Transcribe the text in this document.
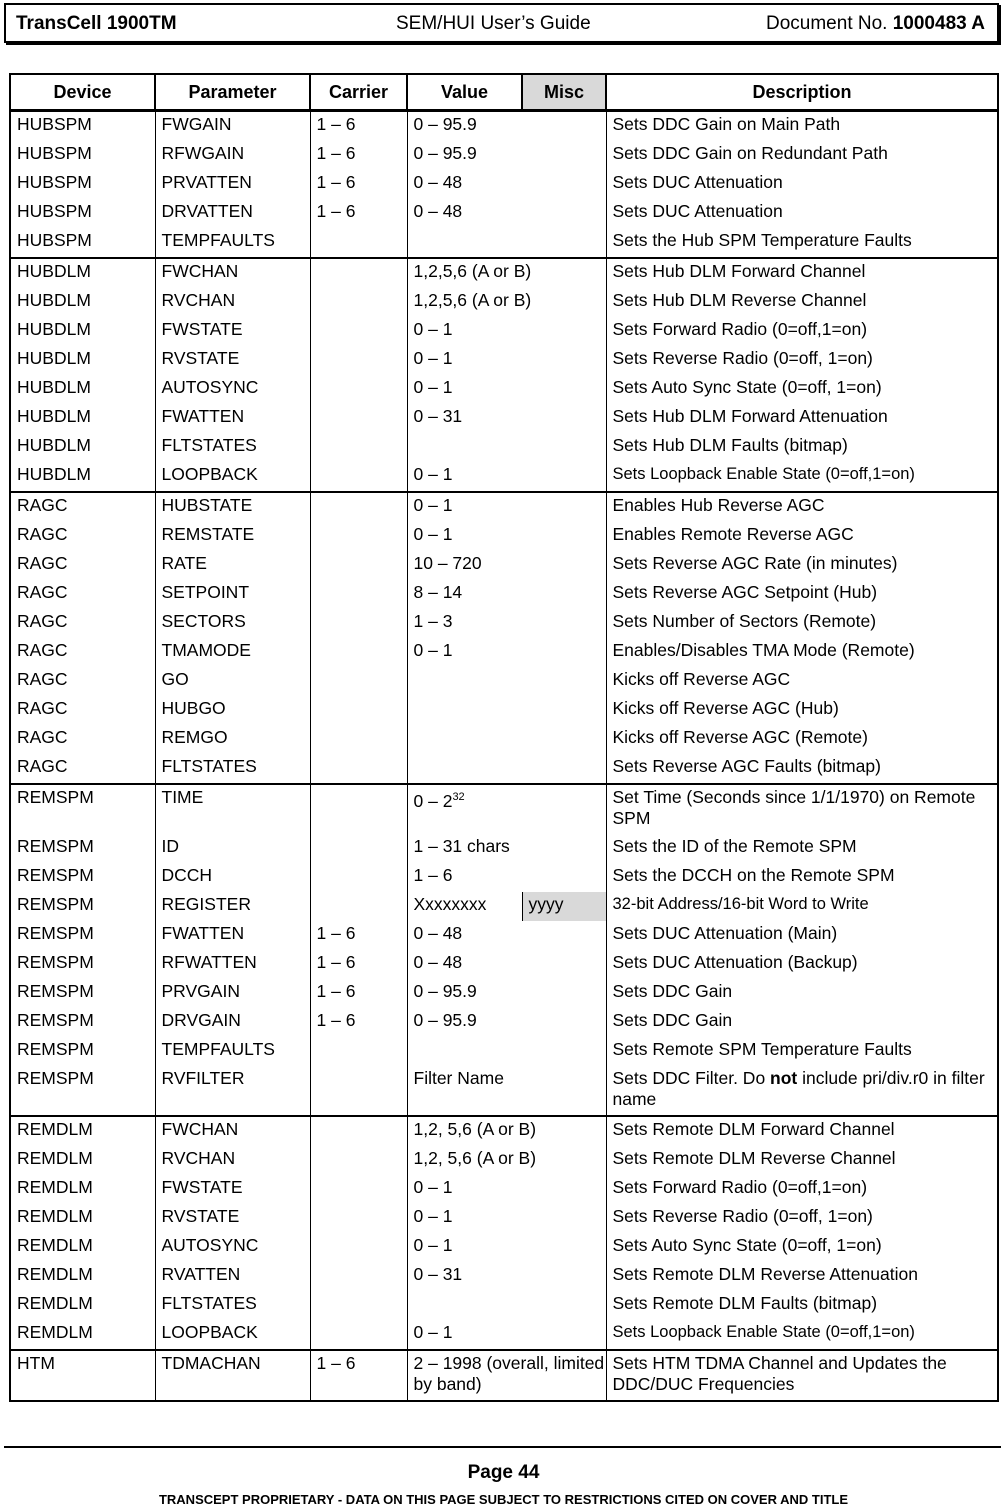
TransCell 1900TM	SEM/HUI User’s Guide	Document No. 1000483 A
Device	Parameter	Carrier	Value	Misc	Description
HUBSPM	FWGAIN	1 – 6	0 – 95.9		Sets DDC Gain on Main Path
HUBSPM	RFWGAIN	1 – 6	0 – 95.9		Sets DDC Gain on Redundant Path
HUBSPM	PRVATTEN	1 – 6	0 – 48		Sets DUC Attenuation
HUBSPM	DRVATTEN	1 – 6	0 – 48		Sets DUC Attenuation
HUBSPM	TEMPFAULTS				Sets the Hub SPM Temperature Faults
HUBDLM	FWCHAN		1,2,5,6 (A or B)		Sets Hub DLM Forward Channel
HUBDLM	RVCHAN		1,2,5,6 (A or B)		Sets Hub DLM Reverse Channel
HUBDLM	FWSTATE		0 – 1		Sets Forward Radio (0=off,1=on)
HUBDLM	RVSTATE		0 – 1		Sets Reverse Radio (0=off, 1=on)
HUBDLM	AUTOSYNC		0 – 1		Sets Auto Sync State (0=off, 1=on)
HUBDLM	FWATTEN		0 – 31		Sets Hub DLM Forward Attenuation
HUBDLM	FLTSTATES				Sets Hub DLM Faults (bitmap)
HUBDLM	LOOPBACK		0 – 1		Sets Loopback Enable State (0=off,1=on)
RAGC	HUBSTATE		0 – 1		Enables Hub Reverse AGC
RAGC	REMSTATE		0 – 1		Enables Remote Reverse AGC
RAGC	RATE		10 – 720		Sets Reverse AGC Rate (in minutes)
RAGC	SETPOINT		8 – 14		Sets Reverse AGC Setpoint (Hub)
RAGC	SECTORS		1 – 3		Sets Number of Sectors (Remote)
RAGC	TMAMODE		0 – 1		Enables/Disables TMA Mode (Remote)
RAGC	GO				Kicks off Reverse AGC
RAGC	HUBGO				Kicks off Reverse AGC (Hub)
RAGC	REMGO				Kicks off Reverse AGC (Remote)
RAGC	FLTSTATES				Sets Reverse AGC Faults (bitmap)
REMSPM	TIME		$0 - 2^{32}$		Set Time (Seconds since 1/1/1970) on Remote SPM
REMSPM	ID		1 – 31 chars		Sets the ID of the Remote SPM
REMSPM	DCCH		1 – 6		Sets the DCCH on the Remote SPM
REMSPM	REGISTER		Xxxxxxxx	yyyy	32-bit Address/16-bit Word to Write
REMSPM	FWATTEN	1 – 6	0 – 48		Sets DUC Attenuation (Main)
REMSPM	RFWATTEN	1 – 6	0 – 48		Sets DUC Attenuation (Backup)
REMSPM	PRVGAIN	1 – 6	0 – 95.9		Sets DDC Gain
REMSPM	DRVGAIN	1 – 6	0 – 95.9		Sets DDC Gain
REMSPM	TEMPFAULTS				Sets Remote SPM Temperature Faults
REMSPM	RVFILTER		Filter Name		Sets DDC Filter. Do not include pri/div.r0 in filter name
REMDLM	FWCHAN		1,2, 5,6 (A or B)		Sets Remote DLM Forward Channel
REMDLM	RVCHAN		1,2, 5,6 (A or B)		Sets Remote DLM Reverse Channel
REMDLM	FWSTATE		0 – 1		Sets Forward Radio (0=off,1=on)
REMDLM	RVSTATE		0 – 1		Sets Reverse Radio (0=off, 1=on)
REMDLM	AUTOSYNC		0 – 1		Sets Auto Sync State (0=off, 1=on)
REMDLM	RVATTEN		0 – 31		Sets Remote DLM Reverse Attenuation
REMDLM	FLTSTATES				Sets Remote DLM Faults (bitmap)
REMDLM	LOOPBACK		0 – 1		Sets Loopback Enable State (0=off,1=on)
HTM	TDMACHAN	1 – 6	2 – 1998 (overall, limited by band)		Sets HTM TDMA Channel and Updates the DDC/DUC Frequencies
Page 44
TRANSCEPT PROPRIETARY - DATA ON THIS PAGE SUBJECT TO RESTRICTIONS CITED ON COVER AND TITLE
